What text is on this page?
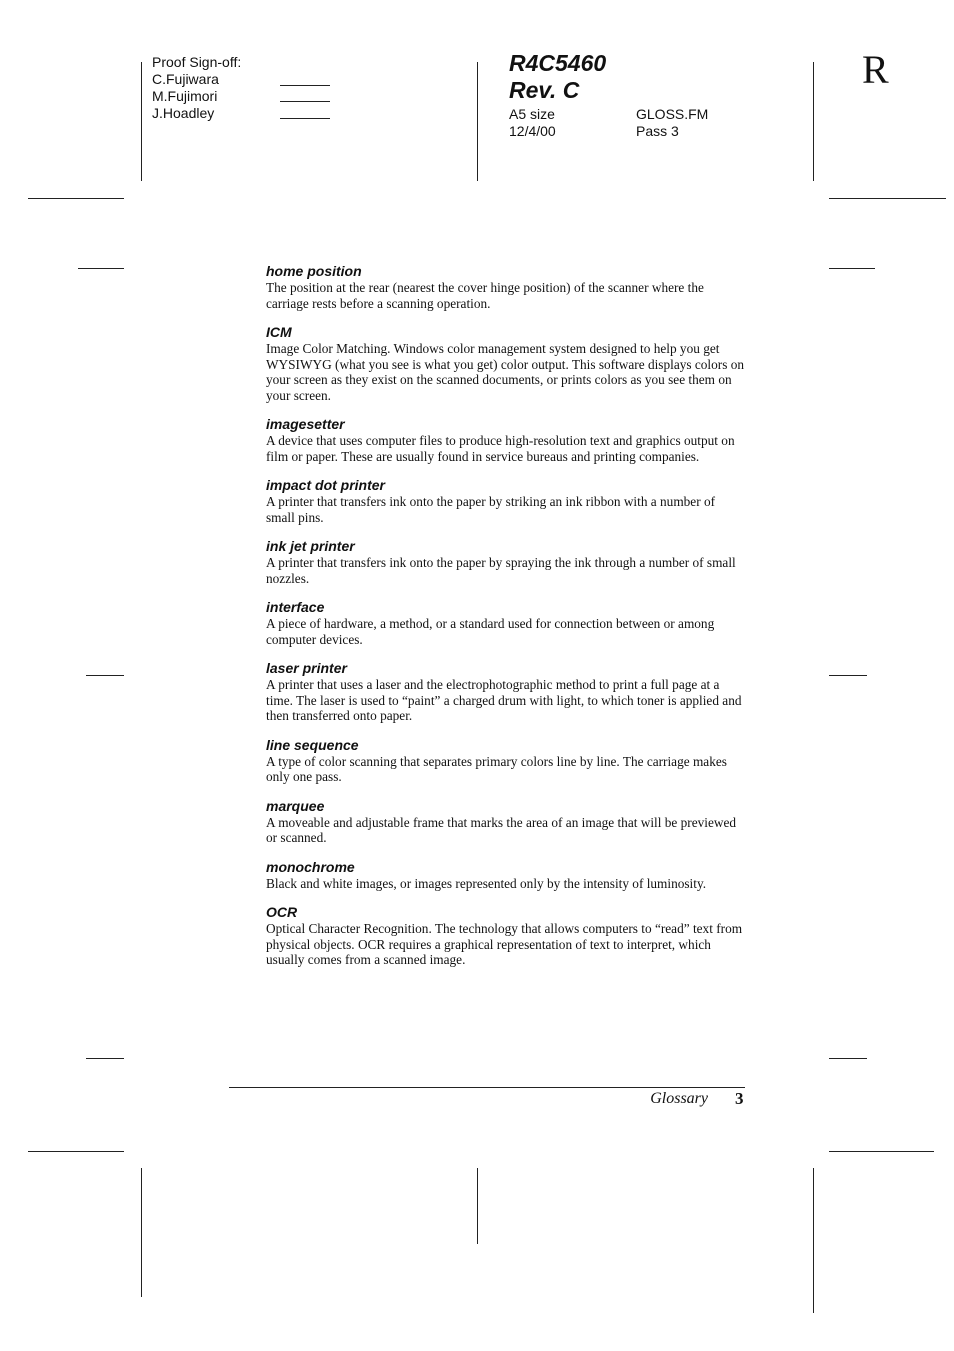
Proof Sign-off:
C.Fujiwara
M.Fujimori
J.Hoadley
R4C5460
Rev. C
A5 size	GLOSS.FM
12/4/00	Pass 3
R

home position

The position at the rear (nearest the cover hinge position) of the scanner where the carriage rests before a scanning operation.

ICM

Image Color Matching. Windows color management system designed to help you get WYSIWYG (what you see is what you get) color output. This software displays colors on your screen as they exist on the scanned documents, or prints colors as you see them on your screen.

imagesetter

A device that uses computer files to produce high-resolution text and graphics output on film or paper. These are usually found in service bureaus and printing companies.

impact dot printer

A printer that transfers ink onto the paper by striking an ink ribbon with a number of small pins.

ink jet printer

A printer that transfers ink onto the paper by spraying the ink through a number of small nozzles.

interface

A piece of hardware, a method, or a standard used for connection between or among computer devices.

laser printer

A printer that uses a laser and the electrophotographic method to print a full page at a time. The laser is used to “paint” a charged drum with light, to which toner is applied and then transferred onto paper.

line sequence

A type of color scanning that separates primary colors line by line. The carriage makes only one pass.

marquee

A moveable and adjustable frame that marks the area of an image that will be previewed or scanned.

monochrome

Black and white images, or images represented only by the intensity of luminosity.

OCR

Optical Character Recognition. The technology that allows computers to “read” text from physical objects. OCR requires a graphical representation of text to interpret, which usually comes from a scanned image.

Glossary 3
